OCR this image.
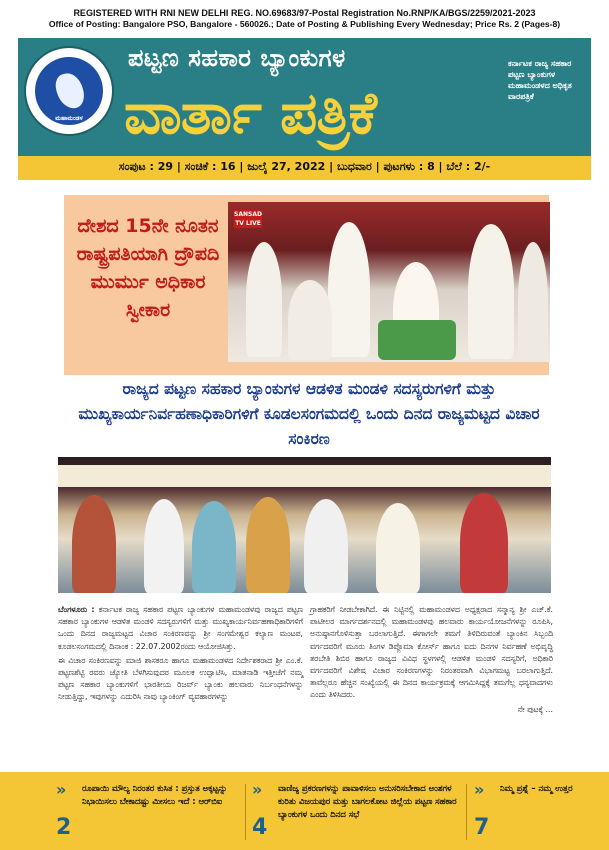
REGISTERED WITH RNI NEW DELHI REG. NO.69683/97-Postal Registration No.RNP/KA/BGS/2259/2021-2023
Office of Posting: Bangalore PSO, Bangalore - 560026.; Date of Posting & Publishing Every Wednesday; Price Rs. 2 (Pages-8)
ಮಹಾಮಂಡಳ
ಪಟ್ಟಣ ಸಹಕಾರ ಬ್ಯಾಂಕುಗಳ
ವಾರ್ತಾ ಪತ್ರಿಕೆ
ಕರ್ನಾಟಕ ರಾಜ್ಯ ಸಹಕಾರ ಪಟ್ಟಣ ಬ್ಯಾಂಕುಗಳ ಮಹಾಮಂಡಳದ ಅಧಿಕೃತ ವಾರಪತ್ರಿಕೆ
ಸಂಪುಟ : 29 | ಸಂಚಿಕೆ : 16 | ಜುಲೈ 27, 2022 | ಬುಧವಾರ | ಪುಟಗಳು : 8 | ಬೆಲೆ : 2/-
ದೇಶದ 15ನೇ ನೂತನ ರಾಷ್ಟ್ರಪತಿಯಾಗಿ ದ್ರೌಪದಿ ಮುರ್ಮು ಅಧಿಕಾರ ಸ್ವೀಕಾರ
SANSAD TV LIVE
ರಾಜ್ಯದ ಪಟ್ಟಣ ಸಹಕಾರ ಬ್ಯಾಂಕುಗಳ ಆಡಳಿತ ಮಂಡಳಿ ಸದಸ್ಯರುಗಳಿಗೆ ಮತ್ತು ಮುಖ್ಯಕಾರ್ಯನಿರ್ವಹಣಾಧಿಕಾರಿಗಳಿಗೆ ಕೂಡಲಸಂಗಮದಲ್ಲಿ ಒಂದು ದಿನದ ರಾಜ್ಯಮಟ್ಟದ ವಿಚಾರ ಸಂಕಿರಣ

ಬೆಂಗಳೂರು : ಕರ್ನಾಟಕ ರಾಜ್ಯ ಸಹಕಾರ ಪಟ್ಟಣ ಬ್ಯಾಂಕುಗಳ ಮಹಾಮಂಡಳವು ರಾಜ್ಯದ ಪಟ್ಟಣ ಸಹಕಾರ ಬ್ಯಾಂಕುಗಳ ಆಡಳಿತ ಮಂಡಳಿ ಸದಸ್ಯರುಗಳಿಗೆ ಮತ್ತು ಮುಖ್ಯಕಾರ್ಯನಿರ್ವಹಣಾಧಿಕಾರಿಗಳಿಗೆ ಒಂದು ದಿನದ ರಾಜ್ಯಮಟ್ಟದ ವಿಚಾರ ಸಂಕಿರಣವನ್ನು ಶ್ರೀ ಸಂಗಮೇಶ್ವರ ಕಲ್ಯಾಣ ಮಂಟಪ, ಕೂಡಲಸಂಗಮದಲ್ಲಿ ದಿನಾಂಕ : 22.07.2002ರಂದು ಆಯೋಜಿಸಿತ್ತು.

ಈ ವಿಚಾರ ಸಂಕಿರಣವನ್ನು ಮಾಜಿ ಶಾಸಕರೂ ಹಾಗೂ ಮಹಾಮಂಡಳದ ನಿರ್ದೇಶಕರಾದ ಶ್ರೀ ಎಂ.ಕೆ. ಪಟ್ಟಣಶೆಟ್ಟಿ ರವರು ಜ್ಯೋತಿ ಬೆಳಗಿಸುವುದರ ಮೂಲಕ ಉದ್ಘಾಟಿಸಿ, ಮಾತನಾಡಿ ಇತ್ತೀಚೆಗೆ ನಮ್ಮ ಪಟ್ಟಣ ಸಹಕಾರ ಬ್ಯಾಂಕುಗಳಿಗೆ ಭಾರತೀಯ ರಿಜರ್ವ್ ಬ್ಯಾಂಕು ಹಲವಾರು ನಿರ್ಬಂಧನೆಗಳನ್ನು ನೀಡುತ್ತಿದ್ದು, ಇವುಗಳನ್ನು ಎದುರಿಸಿ ನಾವು ಬ್ಯಾಂಕಿಂಗ್ ವ್ಯವಹಾರಗಳನ್ನು

ಗ್ರಾಹಕರಿಗೆ ನೀಡಬೇಕಾಗಿದೆ. ಈ ನಿಟ್ಟಿನಲ್ಲಿ ಮಹಾಮಂಡಳದ ಅಧ್ಯಕ್ಷರಾದ ಸನ್ಮಾನ್ಯ ಶ್ರೀ ಎಚ್.ಕೆ. ಪಾಟೀಲರ ಮಾರ್ಗದರ್ಶನದಲ್ಲಿ ಮಹಾಮಂಡಳವು ಹಲವಾರು ಕಾರ್ಯಯೋಜನೆಗಳನ್ನು ರೂಪಿಸಿ, ಅನುಷ್ಠಾನಗೊಳಿಸುತ್ತಾ ಬರಲಾಗುತ್ತಿದೆ. ಈಗಾಗಲೇ ತಮಗೆ ತಿಳಿದಿರುವಂತೆ ಬ್ಯಾಂಕಿನ ಸಿಬ್ಬಂದಿ ವರ್ಗದವರಿಗೆ ಮೂರು ತಿಂಗಳ ಡಿಪ್ಲೊಮಾ ಕೋರ್ಸ್ ಹಾಗೂ ಐದು ದಿನಗಳ ನಿರ್ವಹಣೆ ಅಭಿವೃದ್ಧಿ ತರಬೇತಿ ಶಿಬಿರ ಹಾಗೂ ರಾಜ್ಯದ ವಿವಿಧ ಸ್ಥಳಗಳಲ್ಲಿ ಆಡಳಿತ ಮಂಡಳಿ ಸದಸ್ಯರಿಗೆ, ಅಧಿಕಾರಿ ವರ್ಗದವರಿಗೆ ವಿಶೇಷ ವಿಚಾರ ಸಂಕಿರಣಗಳನ್ನು ನಿರಂತರವಾಗಿ ವಿಭಾಗಮಟ್ಟ ಬರಲಾಗುತ್ತಿದೆ. ತಾವೆಲ್ಲರೂ ಹೆಚ್ಚಿನ ಸಂಖ್ಯೆಯಲ್ಲಿ ಈ ದಿನದ ಕಾರ್ಯಕ್ರಮಕ್ಕೆ ಆಗಮಿಸಿದ್ದಕ್ಕೆ ತಮಗೆಲ್ಲ ಧನ್ಯವಾದಗಳು ಎಂದು ತಿಳಿಸಿದರು.

ನೇ ಪುಟಕ್ಕೆ ...

»
2
ರೂಪಾಯಿ ಮೌಲ್ಯ ನಿರಂತರ ಕುಸಿತ : ಪ್ರಸ್ತುತ ಅಕ್ಕಟ್ಟನ್ನು ನಿಭಾಯಿಸಲು ಬೇಕಾದಷ್ಟು ಮೀಸಲು ಇದೆ : ಆರ್‌ಬಿಐ
»
4
ವಾಣಿಜ್ಯ ಪ್ರಕರಣಗಳನ್ನು ಪಾವಾಳಿಸಲು ಅನುಸರಿಸಬೇಕಾದ ಅಂಶಗಳ ಕುರಿತು ವಿಜಯಪುರ ಮತ್ತು ಬಾಗಲಕೋಟ ಜಿಲ್ಲೆಯ ಪಟ್ಟಣ ಸಹಕಾರ ಬ್ಯಾಂಕುಗಳ ಒಂದು ದಿನದ ಸಭೆ
»
7
ನಿಮ್ಮ ಪ್ರಶ್ನೆ – ನಮ್ಮ ಉತ್ತರ
